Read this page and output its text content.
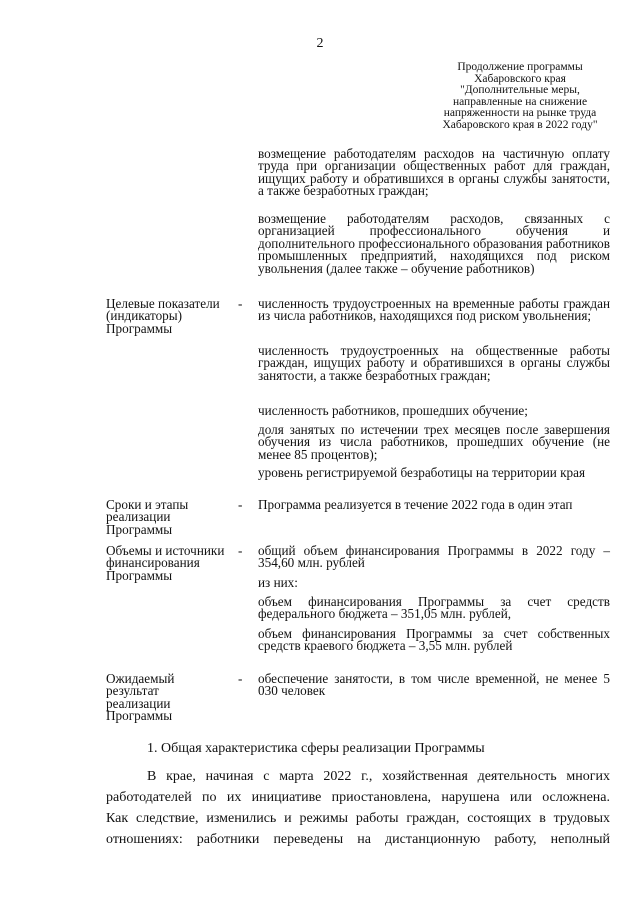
2
Продолжение программы
Хабаровского края
"Дополнительные меры,
направленные на снижение
напряженности на рынке труда
Хабаровского края в 2022 году"
возмещение работодателям расходов на частичную оплату труда при организации общественных работ для граждан, ищущих работу и обратившихся в органы службы занятости, а также безработных граждан;
возмещение работодателям расходов, связанных с организацией профессионального обучения и дополнительного профессионального образования работников промышленных предприятий, находящихся под риском увольнения (далее также – обучение работников)
Целевые показатели (индикаторы) Программы
-	численность трудоустроенных на временные работы граждан из числа работников, находящихся под риском увольнения;
численность трудоустроенных на общественные работы граждан, ищущих работу и обратившихся в органы службы занятости, а также безработных граждан;
численность работников, прошедших обучение;
доля занятых по истечении трех месяцев после завершения обучения из числа работников, прошедших обучение (не менее 85 процентов);
уровень регистрируемой безработицы на территории края
Сроки и этапы реализации Программы
-	Программа реализуется в течение 2022 года в один этап
Объемы и источники финансирования Программы
-	общий объем финансирования Программы в 2022 году – 354,60 млн. рублей
из них:
объем финансирования Программы за счет средств федерального бюджета – 351,05 млн. рублей,
объем финансирования Программы за счет собственных средств краевого бюджета – 3,55 млн. рублей
Ожидаемый результат реализации Программы
-	обеспечение занятости, в том числе временной, не менее 5 030 человек
1. Общая характеристика сферы реализации Программы
В крае, начиная с марта 2022 г., хозяйственная деятельность многих
работодателей по их инициативе приостановлена, нарушена или осложнена.
Как следствие, изменились и режимы работы граждан, состоящих в трудовых
отношениях: работники переведены на дистанционную работу, неполный
